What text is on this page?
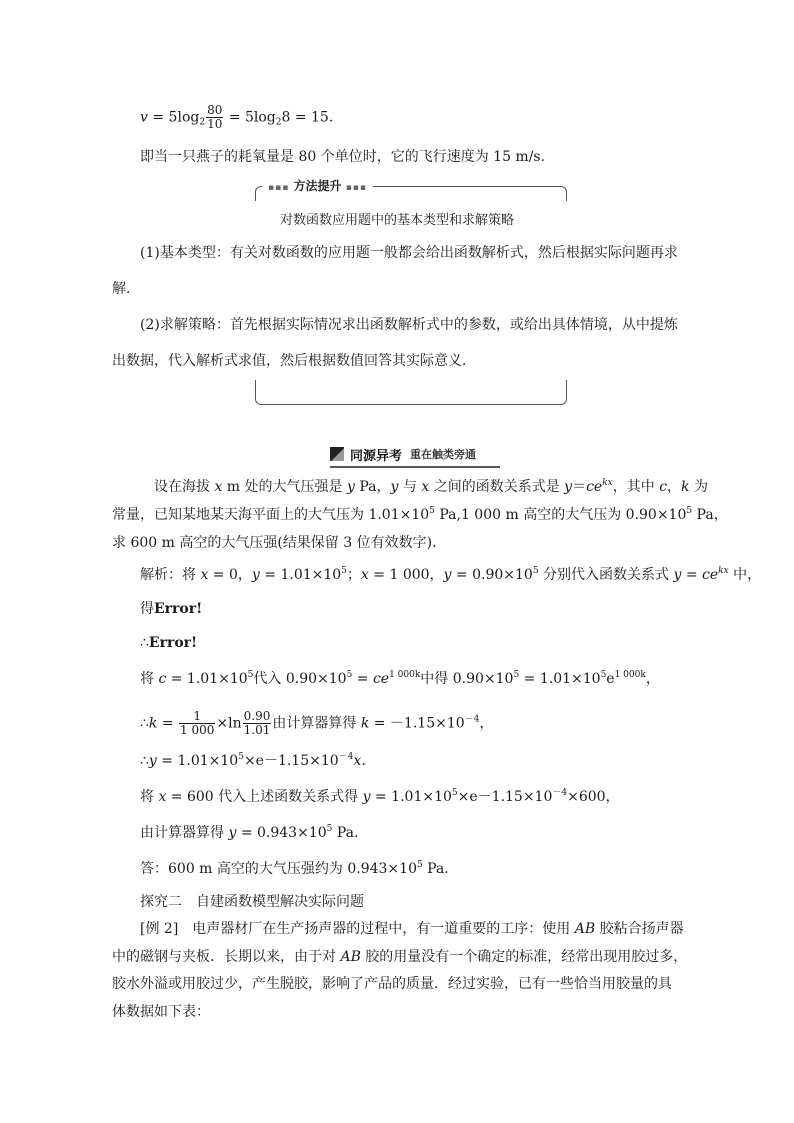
$v = 5\log_2 \frac{80}{10} = 5\log_28 = 15$.
即当一只燕子的耗氧量是 80 个单位时，它的飞行速度为 15 m/s.
▪▪▪ 方法提升 ▪▪▪
对数函数应用题中的基本类型和求解策略
(1)基本类型：有关对数函数的应用题一般都会给出函数解析式，然后根据实际问题再求
解．
(2)求解策略：首先根据实际情况求出函数解析式中的参数，或给出具体情境，从中提炼
出数据，代入解析式求值，然后根据数值回答其实际意义．
同源异考 重在触类旁通
设在海拔 x m 处的大气压强是 y Pa，y 与 x 之间的函数关系式是 $y=ce^{kx}$，其中 c，k 为
常量，已知某地某天海平面上的大气压为 $1.01\times 10^5$ Pa,1 000 m 高空的大气压为 $0.90\times 10^5$ Pa，
求 600 m 高空的大气压强(结果保留 3 位有效数字)．
解析：将 x = 0，$y = 1.01\times 10^5$；x = 1 000，$y = 0.90\times 10^5$ 分别代入函数关系式 $y = ce^{kx}$ 中，
得Error!
∴Error!
将 $c = 1.01\times 10^5$代入 $0.90\times 10^5 = ce^{1 000k}$中得 $0.90\times 10^5 = 1.01\times 10^5e^{1 000k}$，
∴k = $\frac{1}{1 000} \times\ln \frac{0.90}{1.01}$ 由计算器算得 $k = -1.15\times 10^{-4}$，
∴y = $1.01\times 10^5\times e-1.15\times 10^{-4}x$.
将 x = 600 代入上述函数关系式得 $y = 1.01\times 10^5\times e-1.15\times 10^{-4}\times 600$，
由计算器算得 $y = 0.943\times 10^5$ Pa.
答：600 m 高空的大气压强约为 $0.943\times 10^5$ Pa.
探究二　自建函数模型解决实际问题
[例 2]　电声器材厂在生产扬声器的过程中，有一道重要的工序：使用 AB 胶粘合扬声器
中的磁钢与夹板．长期以来，由于对 AB 胶的用量没有一个确定的标准，经常出现用胶过多，
胶水外溢或用胶过少，产生脱胶，影响了产品的质量．经过实验，已有一些恰当用胶量的具
体数据如下表：
